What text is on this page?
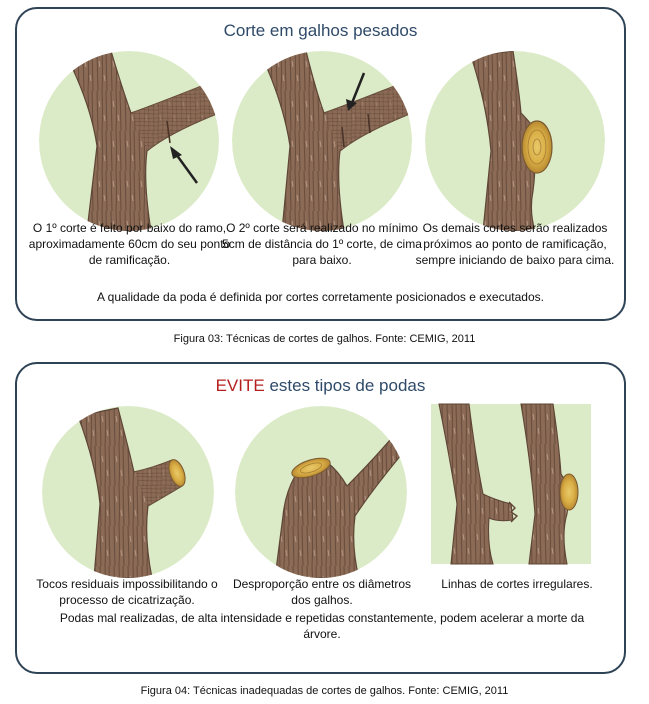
Corte em galhos pesados
O 1º corte é feito por baixo do ramo, aproximadamente 60cm do seu ponto de ramificação.
O 2º corte será realizado no mínimo 5cm de distância do 1º corte, de cima para baixo.
Os demais cortes serão realizados próximos ao ponto de ramificação, sempre iniciando de baixo para cima.
A qualidade da poda é definida por cortes corretamente posicionados e executados.
Figura 03: Técnicas de cortes de galhos. Fonte: CEMIG, 2011
EVITE estes tipos de podas
Tocos residuais impossibilitando o processo de cicatrização.
Desproporção entre os diâmetros dos galhos.
Linhas de cortes irregulares.
Podas mal realizadas, de alta intensidade e repetidas constantemente, podem acelerar a morte da árvore.
Figura 04: Técnicas inadequadas de cortes de galhos. Fonte: CEMIG, 2011
